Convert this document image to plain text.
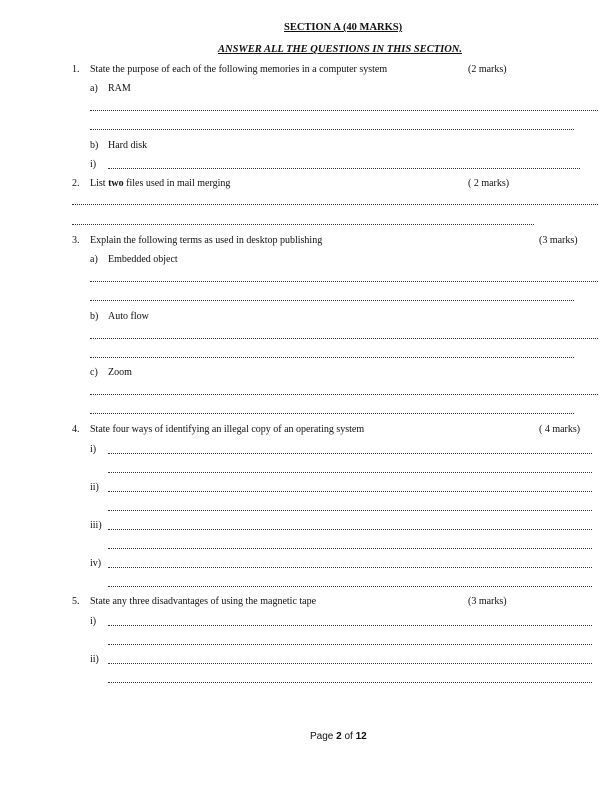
SECTION A (40 MARKS)
ANSWER ALL THE QUESTIONS IN THIS SECTION.
1. State the purpose of each of the following memories in a computer system	(2 marks)
a) RAM
b) Hard disk
i)
2. List two files used in mail merging	( 2 marks)
3. Explain the following terms as used in desktop publishing	(3 marks)
a) Embedded object
b) Auto flow
c) Zoom
4. State four ways of identifying an illegal copy of an operating system	( 4 marks)
i)
ii)
iii)
iv)
5. State any three disadvantages of using the magnetic tape	(3 marks)
i)
ii)
Page 2 of 12
